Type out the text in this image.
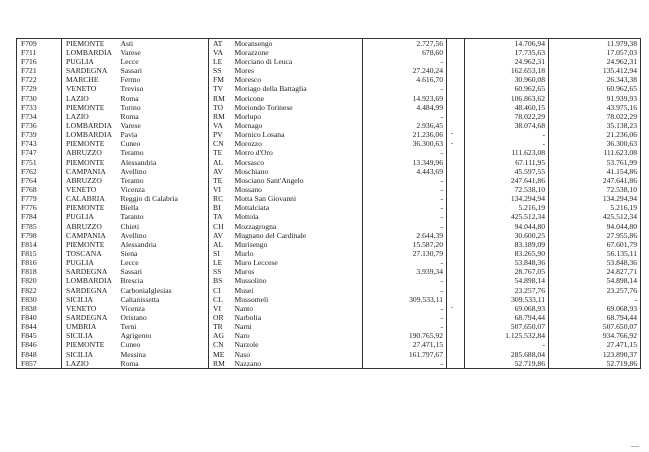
F709	PIEMONTE	Asti	AT	Moransengo	2.727,56		14.706,94	11.979,38
F711	LOMBARDIA	Varese	VA	Morazzone	678,60		17.735,63	17.057,03
F716	PUGLIA	Lecce	LE	Morciano di Leuca	-		24.962,31	24.962,31
F721	SARDEGNA	Sassari	SS	Mores	27.240,24		162.653,18	135.412,94
F722	MARCHE	Fermo	FM	Moresco	4.616,70		30.960,08	26.343,38
F729	VENETO	Treviso	TV	Moriago della Battaglia	-		60.962,65	60.962,65
F730	LAZIO	Roma	RM	Moricone	14.923,69		106.863,62	91.939,93
F733	PIEMONTE	Torino	TO	Moriondo Torinese	4.484,99		48.460,15	43.975,16
F734	LAZIO	Roma	RM	Morlupo	-		78.022,29	78.022,29
F736	LOMBARDIA	Varese	VA	Mornago	2.936,45		38.074,68	35.138,23
F739	LOMBARDIA	Pavia	PV	Mornico Losana	21.236,06	-	-	21.236,06
F743	PIEMONTE	Cuneo	CN	Morozzo	36.300,63	-	-	36.300,63
F747	ABRUZZO	Teramo	TE	Morro d'Oro	-		111.623,08	111.623,08
F751	PIEMONTE	Alessandria	AL	Morsasco	13.349,96		67.111,95	53.761,99
F762	CAMPANIA	Avellino	AV	Moschiano	4.443,69		45.597,55	41.154,86
F764	ABRUZZO	Teramo	TE	Mosciano Sant'Angelo	-		247.641,86	247.641,86
F768	VENETO	Vicenza	VI	Mossano	-		72.538,10	72.538,10
F779	CALABRIA	Reggio di Calabria	RC	Motta San Giovanni	-		134.294,94	134.294,94
F776	PIEMONTE	Biella	BI	Mottalciata	-		5.216,19	5.216,19
F784	PUGLIA	Taranto	TA	Mottola	-		425.512,34	425.512,34
F785	ABRUZZO	Chieti	CH	Mozzagrogna	-		94.044,80	94.044,80
F798	CAMPANIA	Avellino	AV	Mugnano del Cardinale	2.644,39		30.600,25	27.955,86
F814	PIEMONTE	Alessandria	AL	Murisengo	15.587,20		83.189,09	67.601,79
F815	TOSCANA	Siena	SI	Murlo	27.130,79		83.265,90	56.135,11
F816	PUGLIA	Lecce	LE	Muro Leccese	-		53.848,36	53.848,36
F818	SARDEGNA	Sassari	SS	Muros	3.939,34		28.767,05	24.827,71
F820	LOMBARDIA	Brescia	BS	Mussolino	-		54.898,14	54.898,14
F822	SARDEGNA	CarboniaIglesias	CI	Musei	-		23.257,76	23.257,76
F830	SICILIA	Caltanissetta	CL	Mussomeli	309.533,11		309.533,11	-
F838	VENETO	Vicenza	VI	Nanto	-	-	69.068,93	69.068,93
F840	SARDEGNA	Oristano	OR	Narbolia	-		68.794,44	68.794,44
F844	UMBRIA	Terni	TR	Narni	-		507.650,07	507.650,07
F845	SICILIA	Agrigento	AG	Naro	190.765,92		1.125.532,84	934.766,92
F846	PIEMONTE	Cuneo	CN	Narzole	27.471,15		-	27.471,15
F848	SICILIA	Messina	ME	Naso	161.797,67		285.688,04	123.890,37
F857	LAZIO	Roma	RM	Nazzano	-		52.719,86	52.719,86
—
